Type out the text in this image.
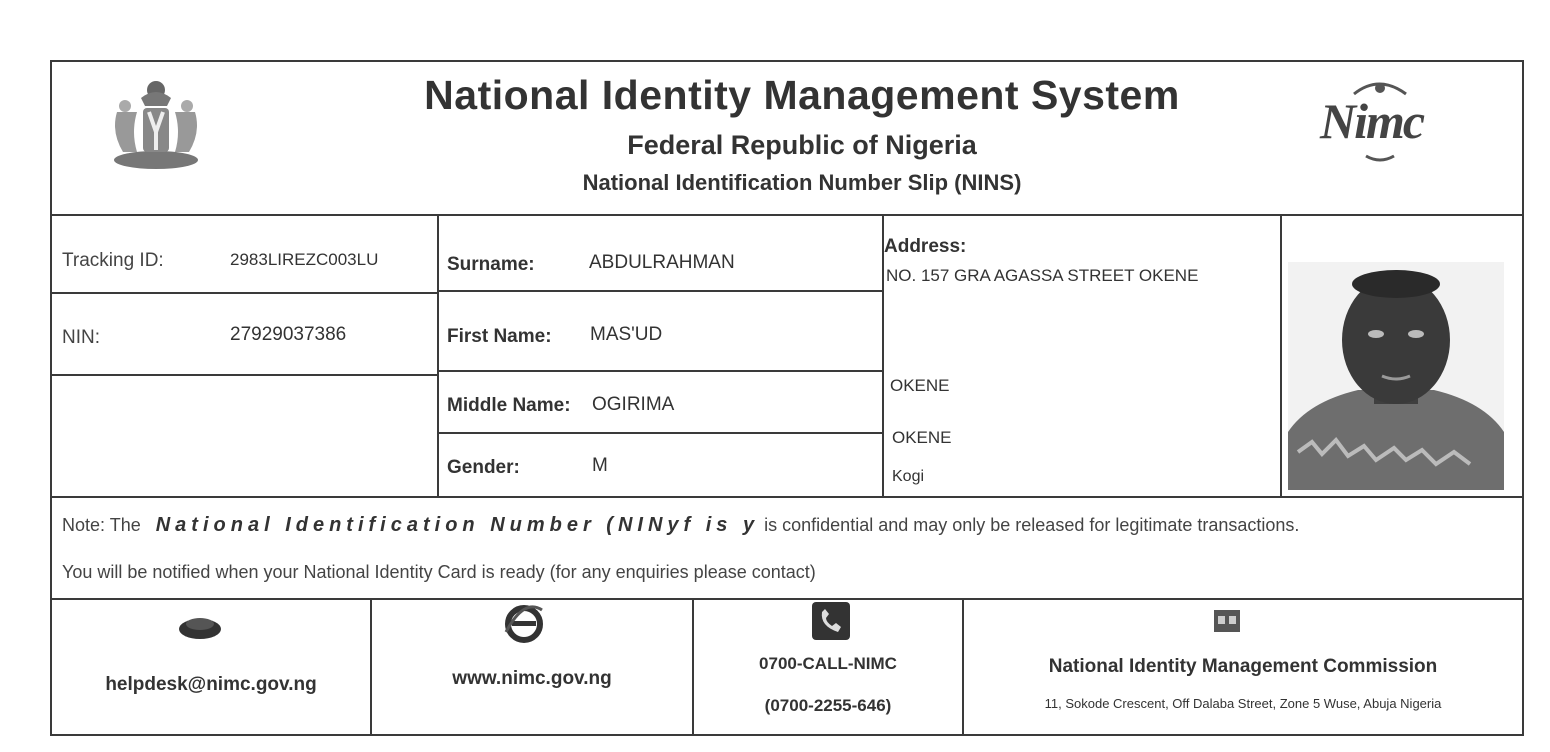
National Identity Management System
Federal Republic of Nigeria
National Identification Number Slip (NINS)
Nimc
Tracking ID:	2983LIREZC003LU
NIN:	27929037386
Surname:	ABDULRAHMAN
First Name: MAS'UD
Middle Name: OGIRIMA
Gender:	M
Address:
NO. 157 GRA AGASSA STREET OKENE
OKENE
OKENE
Kogi
Note: The National Identification Number (NINyf is y is confidential and may only be released for legitimate transactions.
You will be notified when your National Identity Card is ready (for any enquiries please contact)
helpdesk@nimc.gov.ng	www.nimc.gov.ng
0700-CALL-NIMC
(0700-2255-646)
National Identity Management Commission
11, Sokode Crescent, Off Dalaba Street, Zone 5 Wuse, Abuja Nigeria
